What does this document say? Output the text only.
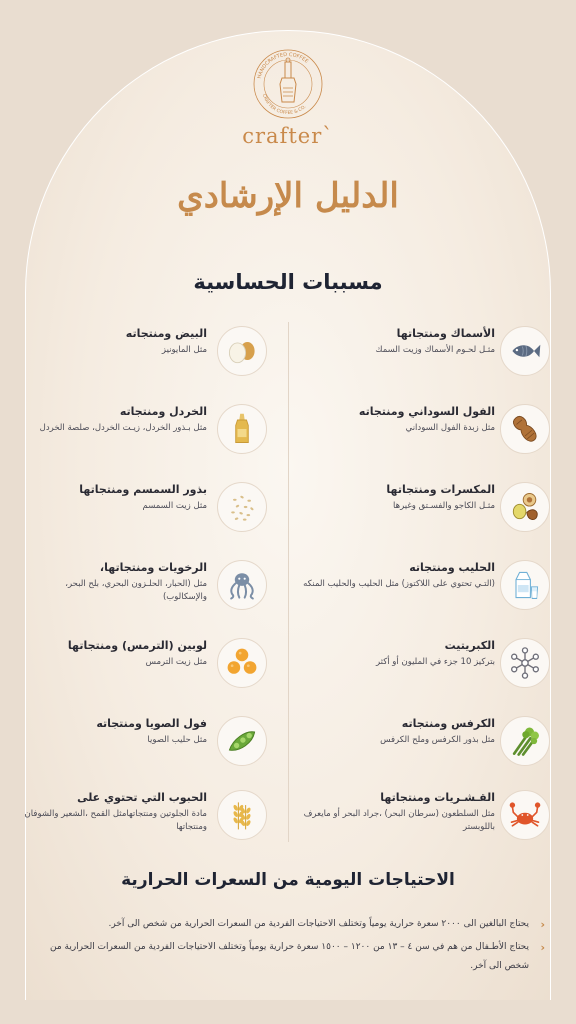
HANDCRAFTED COFFEE
CRAFTER COFFEE & CO.
crafter`
الدليل الإرشادي
مسببات الحساسية
الأسماك ومنتجاتها
مثـل لحـوم الأسماك وزيت السمك
الفول السوداني ومنتجاته
مثل زبدة الفول السوداني
المكسرات ومنتجاتها
مثـل الكاجو والفسـتق وغيرها
الحليب ومنتجاته
(التـي تحتوي على اللاكتوز) مثل الحليب والحليب المنكه
الكبريتيت
بتركيز 10 جزء في المليون أو أكثر
الكرفس ومنتجاته
مثل بذور الكرفس وملح الكرفس
القـشـريات ومنتجاتها
مثل السلطعون (سرطان البحر) ،جراد البحر أو مايعرف باللوبستر
البيض ومنتجاته
مثل المايونيز
الخردل ومنتجاته
مثل بـذور الخردل، زيـت الخردل، صلصة الخردل
بذور السمسم ومنتجاتها
مثل زيت السمسم
الرخويات ومنتجاتها،
مثل (الحبار، الحلـزون البحري، بلح البحر، والإسكالوب)
لوبين (الترمس) ومنتجاتها
مثل زيت الترمس
فول الصويا ومنتجاته
مثل حليب الصويا
الحبوب التي تحتوي على
مادة الجلوتين ومنتجاتهامثل القمح ،الشعير والشوفان ومنتجاتها
الاحتياجات اليومية من السعرات الحرارية
‹
يحتاج البالغين الى ٢٠٠٠ سعرة حرارية يومياً وتختلف الاحتياجات الفردية من السعرات الحرارية من شخص الى آخر.
‹
يحتاج الأطـفال من هم في سن ٤ – ١٣ من ١٢٠٠ – ١٥٠٠ سعرة حرارية يومياً وتختلف الاحتياجات الفردية من السعرات الحرارية من شخص الى آخر.
